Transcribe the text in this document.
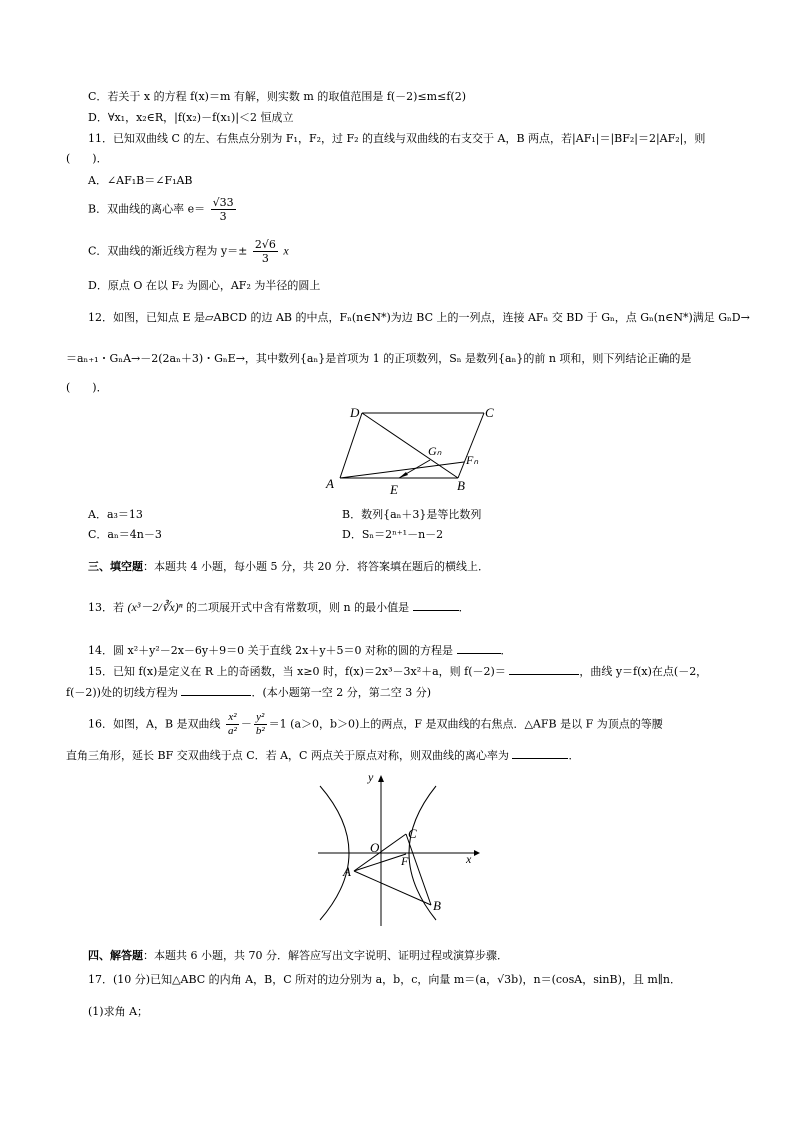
C．若关于 x 的方程 f(x)＝m 有解，则实数 m 的取值范围是 f(－2)≤m≤f(2)
D．∀x₁，x₂∈R，|f(x₂)－f(x₁)|＜2 恒成立
11．已知双曲线 C 的左、右焦点分别为 F₁，F₂，过 F₂ 的直线与双曲线的右支交于 A，B 两点，若|AF₁|＝|BF₂|＝2|AF₂|，则
(　　)．
A．∠AF₁B＝∠F₁AB
B．双曲线的离心率 $e= \frac{√33}{3}$
C．双曲线的渐近线方程为 $y=\pm \frac{2√6}{3}$ x
D．原点 O 在以 F₂ 为圆心，AF₂ 为半径的圆上
12．如图，已知点 E 是▱ABCD 的边 AB 的中点，Fₙ(n∈N*)为边 BC 上的一列点，连接 AFₙ 交 BD 于 Gₙ，点 Gₙ(n∈N*)满足 GₙD→
＝aₙ₊₁・GₙA→－2(2aₙ＋3)・GₙE→，其中数列{aₙ}是首项为 1 的正项数列，Sₙ 是数列{aₙ}的前 n 项和，则下列结论正确的是
(　　)．
D	C
A	B
E
Gₙ
Fₙ
A．a₃＝13	B．数列{aₙ＋3}是等比数列
C．aₙ＝4n－3	D．Sₙ＝2ⁿ⁺¹－n－2
三、填空题：本题共 4 小题，每小题 5 分，共 20 分．将答案填在题后的横线上．
13．若 (x³－2/∛x)ⁿ 的二项展开式中含有常数项，则 n 的最小值是	．
14．圆 x²＋y²－2x－6y＋9＝0 关于直线 2x＋y＋5＝0 对称的圆的方程是	．
15．已知 f(x)是定义在 R 上的奇函数，当 x≥0 时，f(x)＝2x³－3x²＋a，则 f(－2)＝	，曲线 y＝f(x)在点(－2，
f(－2))处的切线方程为	．(本小题第一空 2 分，第二空 3 分)
16．如图，A，B 是双曲线 $\frac{\text{x²}}{\text{a²}} - \frac{\text{y²}}{\text{b²}} =1$ (a＞0，b＞0)上的两点，F 是双曲线的右焦点．△AFB 是以 F 为顶点的等腰
直角三角形，延长 BF 交双曲线于点 C．若 A，C 两点关于原点对称，则双曲线的离心率为	．
O
y
x
A
C
F
B
四、解答题：本题共 6 小题，共 70 分．解答应写出文字说明、证明过程或演算步骤．
17．(10 分)已知△ABC 的内角 A，B，C 所对的边分别为 a，b，c，向量 m＝(a，√3b)，n＝(cosA，sinB)，且 m∥n．
(1)求角 A；
